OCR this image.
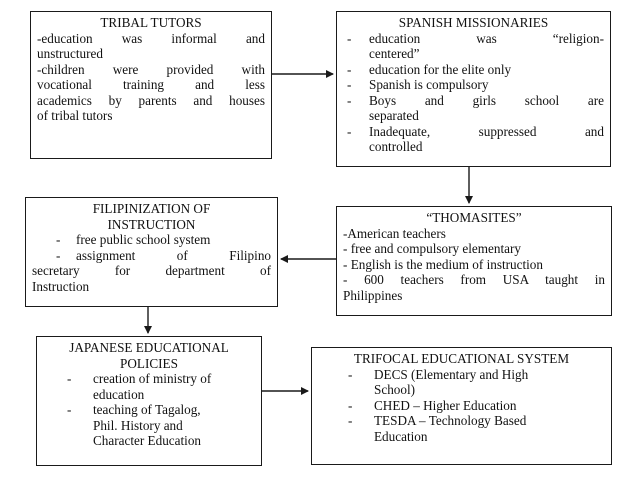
TRIBAL TUTORS
-education was informal and
unstructured
-children were provided with
vocational training and less
academics by parents and houses
of tribal tutors
SPANISH MISSIONARIES
-	education was “religion-
centered”
-	education for the elite only
-	Spanish is compulsory
-	Boys and girls school are
separated
-	Inadequate, suppressed and
controlled
FILIPINIZATION OF
INSTRUCTION
-	free public school system
-	assignment of Filipino
secretary for department of
Instruction
“THOMASITES”
-American teachers
- free and compulsory elementary
- English is the medium of instruction
- 600 teachers from USA taught in
Philippines
JAPANESE EDUCATIONAL
POLICIES
-	creation of ministry of
education
-	teaching of Tagalog,
Phil. History and
Character Education
TRIFOCAL EDUCATIONAL SYSTEM
-	DECS (Elementary and High
School)
-	CHED – Higher Education
-	TESDA – Technology Based
Education
